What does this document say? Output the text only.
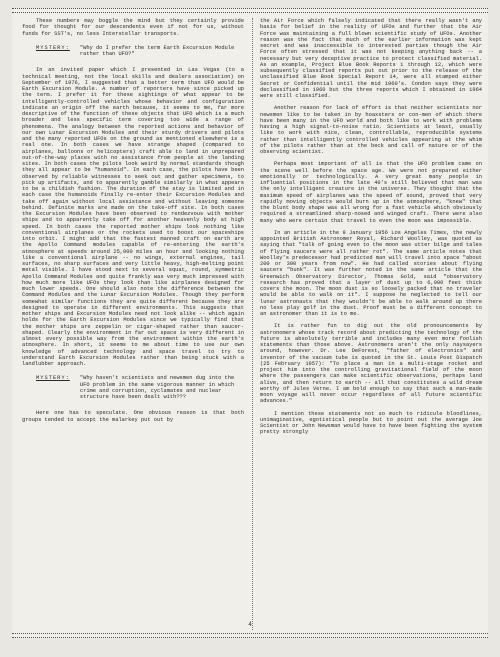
These numbers may boggle the mind but they certainly provide food for thought for our descendents even if not for us, without funds for SST's, no less Interstellar transports.

MYSTERY: "Why do I prefer the term Earth Excursion Module rather than UFO?"

In an invited paper which I presented in Las Vegas (to a technical meeting, not the local skills and dealers association) on September of 1976, I suggested that a better term than UFO would be Earth Excursion Module. A number of reporters have since picked up the term. I prefer it for these sightings of what appear to be intelligently-controlled vehicles whose behavior and configuration indicate an origin off the earth because, it seems to me, far more descriptive of the function of these objects that UFO which is a much broader and less specific term covering too wide a range of phenomena. The analogy between the reported actions and behavior of our own Lunar Excursion Modules and their sturdy drivers and pilots and the many reported UFOs on the ground as mentioned elsewhere is a real one. In both cases we have strange shaped (compared to airplanes, balloons or helicopters) craft able to land in unprepared out-of-the-way places with no assistance from people at the landing sites. In both cases the pilots look weird by normal standards though they all appear to be "humanoid". In each case, the pilots have been observed by reliable witnesses to seek out and gather specimens, to pick up artifacts, and to apparently gamble similarly in what appears to be a childish fashion. The duration of the stay is limited and in each case the humanoids finally re-enter their Excursion Modules and take off again without local assistance and without leaving someone behind. Definite marks are made on the take-off site. In both cases the Excursion Modules have been observed to rendezvous with mother ships and to apparently take off for another heavenly body at high speed. In both cases the reported mother ships look nothing like conventional airplanes or the rockets used to boost our spaceships into orbit. I might add that the fastest manned craft on earth are the Apollo Command modules capable of re-entering the earth's atmosphere at speeds around 25,000 miles an hour and looking nothing like a conventional airplane -- no wings, external engines, tail surfaces, no sharp surfaces and very little heavy, high-melting point metal visible. I have stood next to several squat, round, symmetric Apollo Command Modules and quite frankly was very much impressed with how much more like UFOs they look than like airplanes designed for much lower speeds. One should also note the difference between the Command Modules and the Lunar Excursion Modules. Though they perform somewhat similar functions they are quite different because they are designed to operate in different environments. This suggests that mother ships and Excursion Modules need not look alike -- which again holds for the Earth Excursion Modules since we typically find that the mother ships are zeppelin or cigar-shaped rather than saucer-shaped. Clearly the environment in far out space is very different in almost every possible way from the environment within the earth's atmosphere. In short, it seems to me about time to use our own knowledge of advanced technology and space travel to try to understand Earth Excursion Modules rather than being stuck with a landlubber approach.

MYSTERY: "Why haven't scientists and newsmen dug into the UFO problem in the same vigorous manner in which crime and corruption, cyclamates and nuclear structure have been dealt with???

Here one has to speculate. One obvious reason is that both groups tended to accept the malarkey put out by

the Air Force which falsely indicated that there really wasn't any basis for belief in the reality of UFOs and further that the Air Force was maintaining a full blown scientific study of UFOs. Another reason was the fact that much of the earlier information was kept secret and was inaccessible to interested parties though the Air Force often stressed that it was not keeping anything back -- a necessary but very deceptive practice to protect classified material. As an example, Project Blue Book Reports 1 through 12, which were subsequently classified reports put out prior to the release of the unclassified Blue Book Special Report 14, were all stamped either Secret or Confidential until the mid 1960's. Condon says they were declassified in 1960 but the three reports which I obtained in 1964 were still classified.

Another reason for lack of effort is that neither scientists nor newsmen like to be taken in by hoaxsters or con-men of which there have been many in the UFO world and both like to work with problems having a high signal-to-noise ratio. Scientists at least, usually like to work with nice, clean, controllable, reproducible systems rather than intelligently controlled vehicles appearing at the whim of the pilots rather than at the beck and call of nature or of the observing scientist.

Perhaps most important of all is that the UFO problem came on the scene well before the space age. We were not prepared either emotionally or technologically. A very great many people in influential positions in the late 40's still believed that man was the only intelligent creature in the universe. They thought that the maximum speed of airplanes was the speed of sound, proved that very rapidly moving objects would burn up in the atmosphere, "knew" that the blunt body shape was all wrong for a fast vehicle which obviously required a streamlined sharp-nosed and winged craft. There were also many who were certain that travel to even the moon was impossible.

In an article in the 9 January 1956 Los Angeles Times, the newly appointed British Astronomer Royal, Richard Woolley, was quoted as saying that "talk of going even to the moon was utter bilge and tales of flying saucers were all rather rot". The same article notes that Woolley's predecessor had predicted man will travel into space "about 200 or 300 years from now". He had called stories about flying saucers "bunk". It was further noted in the same article that the Greenwich Observatory Director, Thomas Gold, said "observatory research has proved that a layer of dust up to 6,000 feet thick covers the moon. The moon dust is so loosely packed that no traveler would be able to walk on it". I suppose he neglected to tell our lunar astronauts that they wouldn't be able to walk around up there no less play golf in the dust. Proof must be a different concept to an astronomer than it is to me.

It is rather fun to dig out the old pronouncements by astronomers whose track record about predicting the technology of the future is absolutely terrible and includes many even more foolish statements than those above. Astronomers aren't the only naysayers around, however. Dr. Lee DeForest, "father of electronics" and inventor of the vacuum tube is quoted in the St. Louis Post Dispatch (25 February 1957): "To place a man in a multi-stage rocket and project him into the controlling gravitational field of the moon where the passengers can make scientific observations, perhaps land alive, and then return to earth -- all that constitutes a wild dream worthy of Jules Verne. I am bold enough to say that such a man-made moon voyage will never occur regardless of all future scientific advances."

I mention these statements not so much to ridicule bloodlines, unimaginative, egotistical people but to point out the average Joe Scientist or John Newsman would have to have been fighting the system pretty strongly

4
